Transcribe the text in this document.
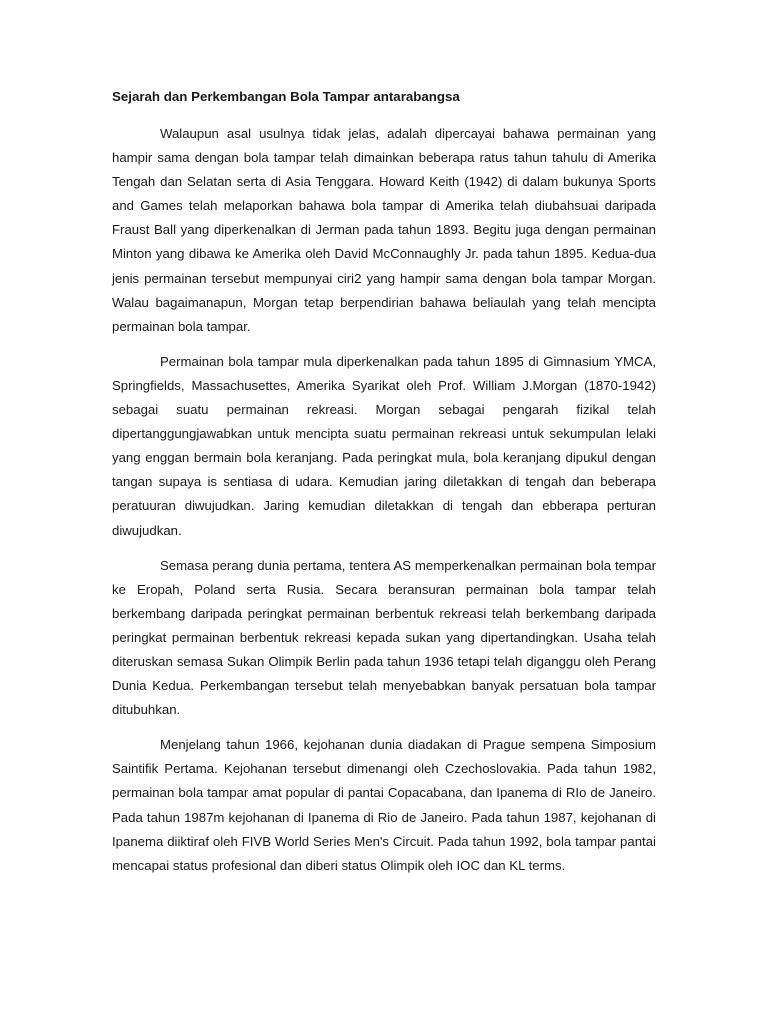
Sejarah dan Perkembangan Bola Tampar antarabangsa

Walaupun asal usulnya tidak jelas, adalah dipercayai bahawa permainan yang hampir sama dengan bola tampar telah dimainkan beberapa ratus tahun tahulu di Amerika Tengah dan Selatan serta di Asia Tenggara. Howard Keith (1942) di dalam bukunya Sports and Games telah melaporkan bahawa bola tampar di Amerika telah diubahsuai daripada Fraust Ball yang diperkenalkan di Jerman pada tahun 1893. Begitu juga dengan permainan Minton yang dibawa ke Amerika oleh David McConnaughly Jr. pada tahun 1895. Kedua-dua jenis permainan tersebut mempunyai ciri2 yang hampir sama dengan bola tampar Morgan. Walau bagaimanapun, Morgan tetap berpendirian bahawa beliaulah yang telah mencipta permainan bola tampar.

Permainan bola tampar mula diperkenalkan pada tahun 1895 di Gimnasium YMCA, Springfields, Massachusettes, Amerika Syarikat oleh Prof. William J.Morgan (1870-1942) sebagai suatu permainan rekreasi. Morgan sebagai pengarah fizikal telah dipertanggungjawabkan untuk mencipta suatu permainan rekreasi untuk sekumpulan lelaki yang enggan bermain bola keranjang. Pada peringkat mula, bola keranjang dipukul dengan tangan supaya is sentiasa di udara. Kemudian jaring diletakkan di tengah dan beberapa peratuuran diwujudkan. Jaring kemudian diletakkan di tengah dan ebberapa perturan diwujudkan.

Semasa perang dunia pertama, tentera AS memperkenalkan permainan bola tempar ke Eropah, Poland serta Rusia. Secara beransuran permainan bola tampar telah berkembang daripada peringkat permainan berbentuk rekreasi telah berkembang daripada peringkat permainan berbentuk rekreasi kepada sukan yang dipertandingkan. Usaha telah diteruskan semasa Sukan Olimpik Berlin pada tahun 1936 tetapi telah diganggu oleh Perang Dunia Kedua. Perkembangan tersebut telah menyebabkan banyak persatuan bola tampar ditubuhkan.

Menjelang tahun 1966, kejohanan dunia diadakan di Prague sempena Simposium Saintifik Pertama. Kejohanan tersebut dimenangi oleh Czechoslovakia. Pada tahun 1982, permainan bola tampar amat popular di pantai Copacabana, dan Ipanema di RIo de Janeiro. Pada tahun 1987m kejohanan di Ipanema di Rio de Janeiro. Pada tahun 1987, kejohanan di Ipanema diiktiraf oleh FIVB World Series Men's Circuit. Pada tahun 1992, bola tampar pantai mencapai status profesional dan diberi status Olimpik oleh IOC dan KL terms.
